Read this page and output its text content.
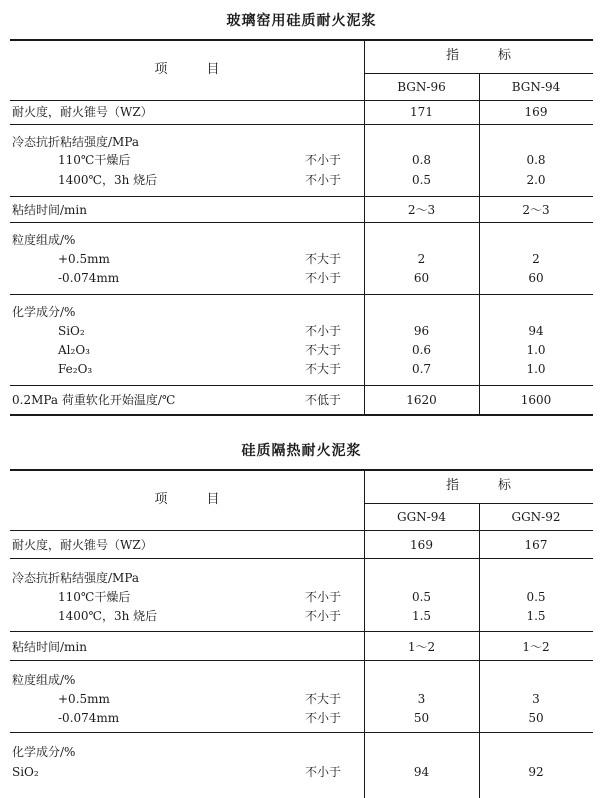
玻璃窑用硅质耐火泥浆
项　　　目
指　　　标
BGN-96	BGN-94
耐火度，耐火锥号（WZ）	171	169
冷态抗折粘结强度/MPa
110℃干燥后	不小于	0.8	0.8
1400℃，3h 烧后	不小于	0.5	2.0
粘结时间/min	2～3	2～3
粒度组成/%
+0.5mm	不大于	2	2
-0.074mm	不小于	60	60
化学成分/%
SiO₂	不小于	96	94
Al₂O₃	不大于	0.6	1.0
Fe₂O₃	不大于	0.7	1.0
0.2MPa 荷重软化开始温度/℃	不低于	1620	1600
硅质隔热耐火泥浆
项　　　目
指　　　标
GGN-94	GGN-92
耐火度，耐火锥号（WZ）	169	167
冷态抗折粘结强度/MPa
110℃干燥后	不小于	0.5	0.5
1400℃，3h 烧后	不小于	1.5	1.5
粘结时间/min	1～2	1～2
粒度组成/%
+0.5mm	不大于	3	3
-0.074mm	不小于	50	50
化学成分/%
SiO₂	不小于	94	92
